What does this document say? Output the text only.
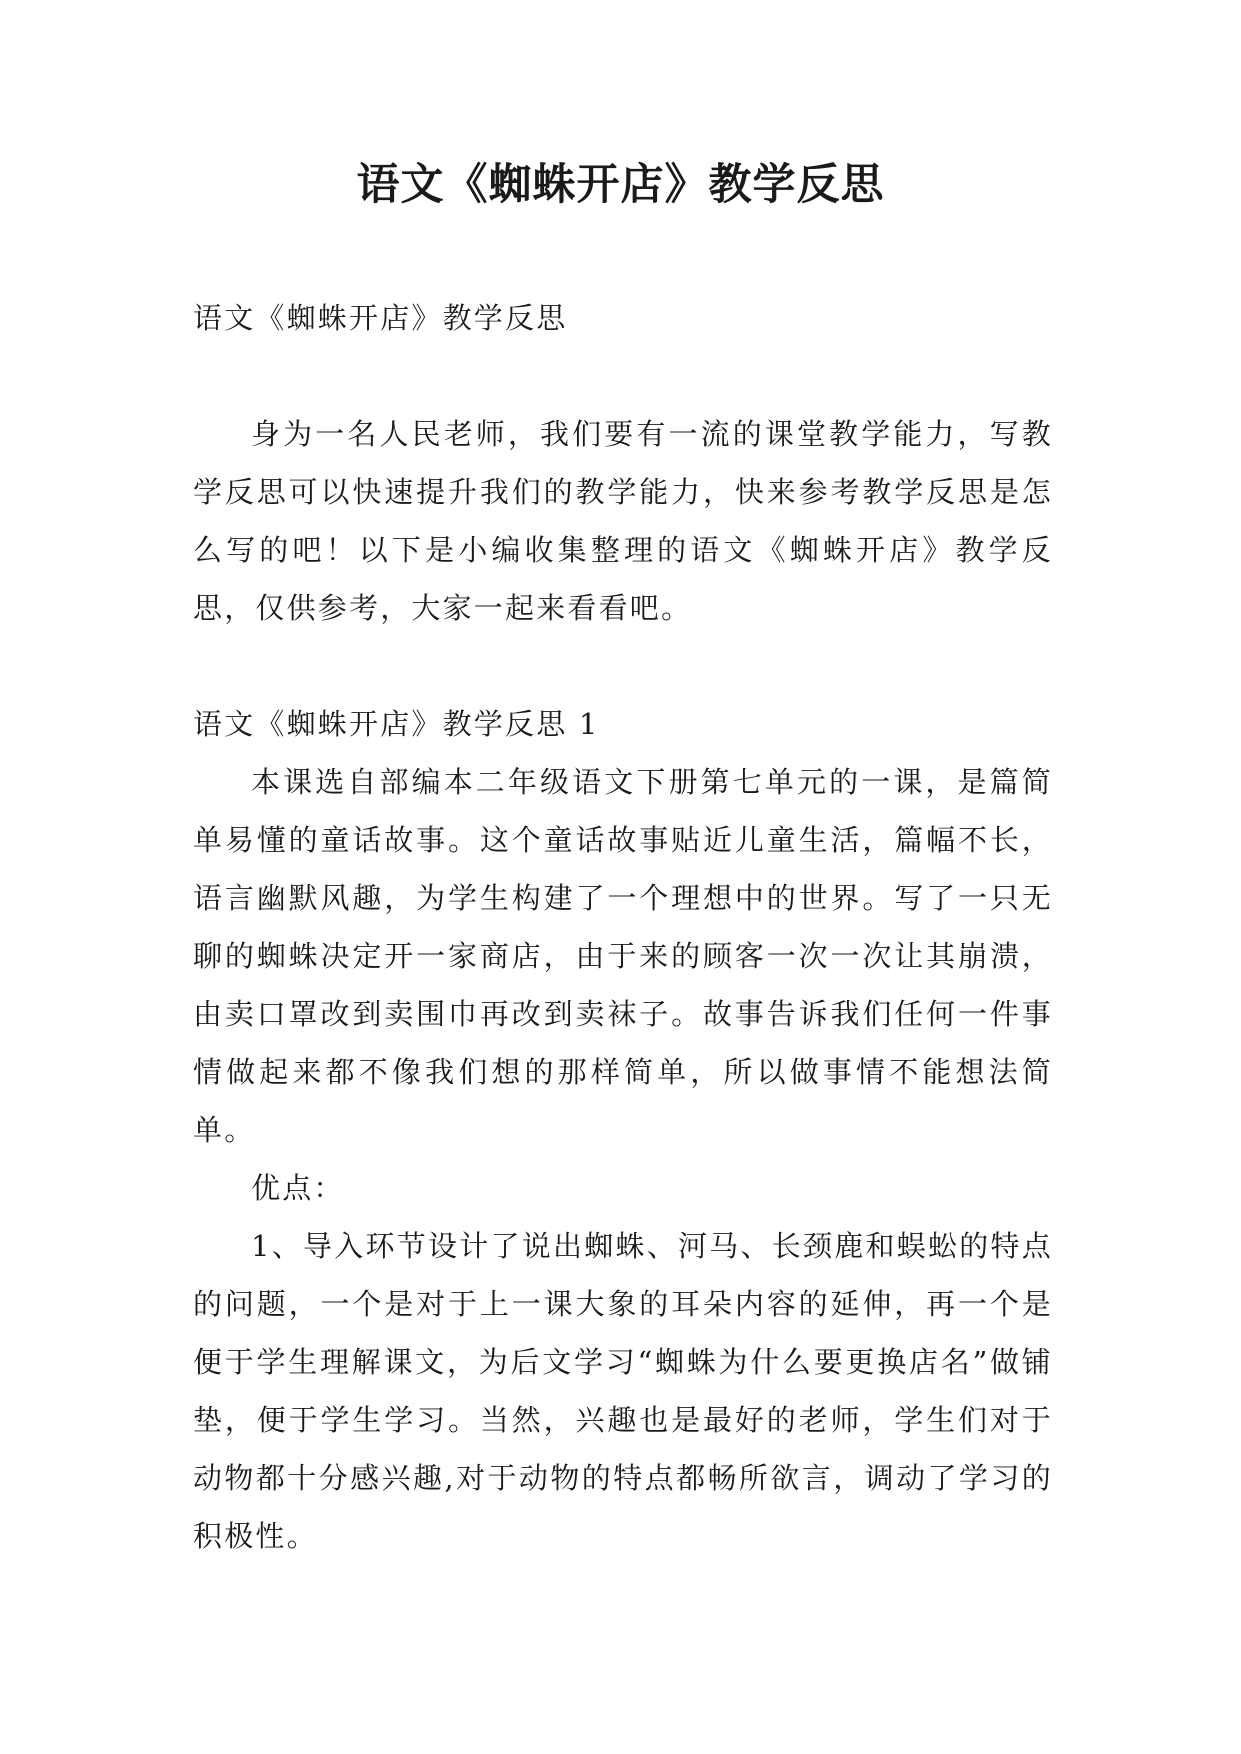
语文《蜘蛛开店》教学反思

语文《蜘蛛开店》教学反思

身为一名人民老师，我们要有一流的课堂教学能力，写教学反思可以快速提升我们的教学能力，快来参考教学反思是怎么写的吧！以下是小编收集整理的语文《蜘蛛开店》教学反思，仅供参考，大家一起来看看吧。

语文《蜘蛛开店》教学反思 1

本课选自部编本二年级语文下册第七单元的一课，是篇简单易懂的童话故事。这个童话故事贴近儿童生活，篇幅不长，语言幽默风趣，为学生构建了一个理想中的世界。写了一只无聊的蜘蛛决定开一家商店，由于来的顾客一次一次让其崩溃，由卖口罩改到卖围巾再改到卖袜子。故事告诉我们任何一件事情做起来都不像我们想的那样简单，所以做事情不能想法简单。

优点：

1、导入环节设计了说出蜘蛛、河马、长颈鹿和蜈蚣的特点的问题，一个是对于上一课大象的耳朵内容的延伸，再一个是便于学生理解课文，为后文学习“蜘蛛为什么要更换店名”做铺垫，便于学生学习。当然，兴趣也是最好的老师，学生们对于动物都十分感兴趣,对于动物的特点都畅所欲言，调动了学习的积极性。
